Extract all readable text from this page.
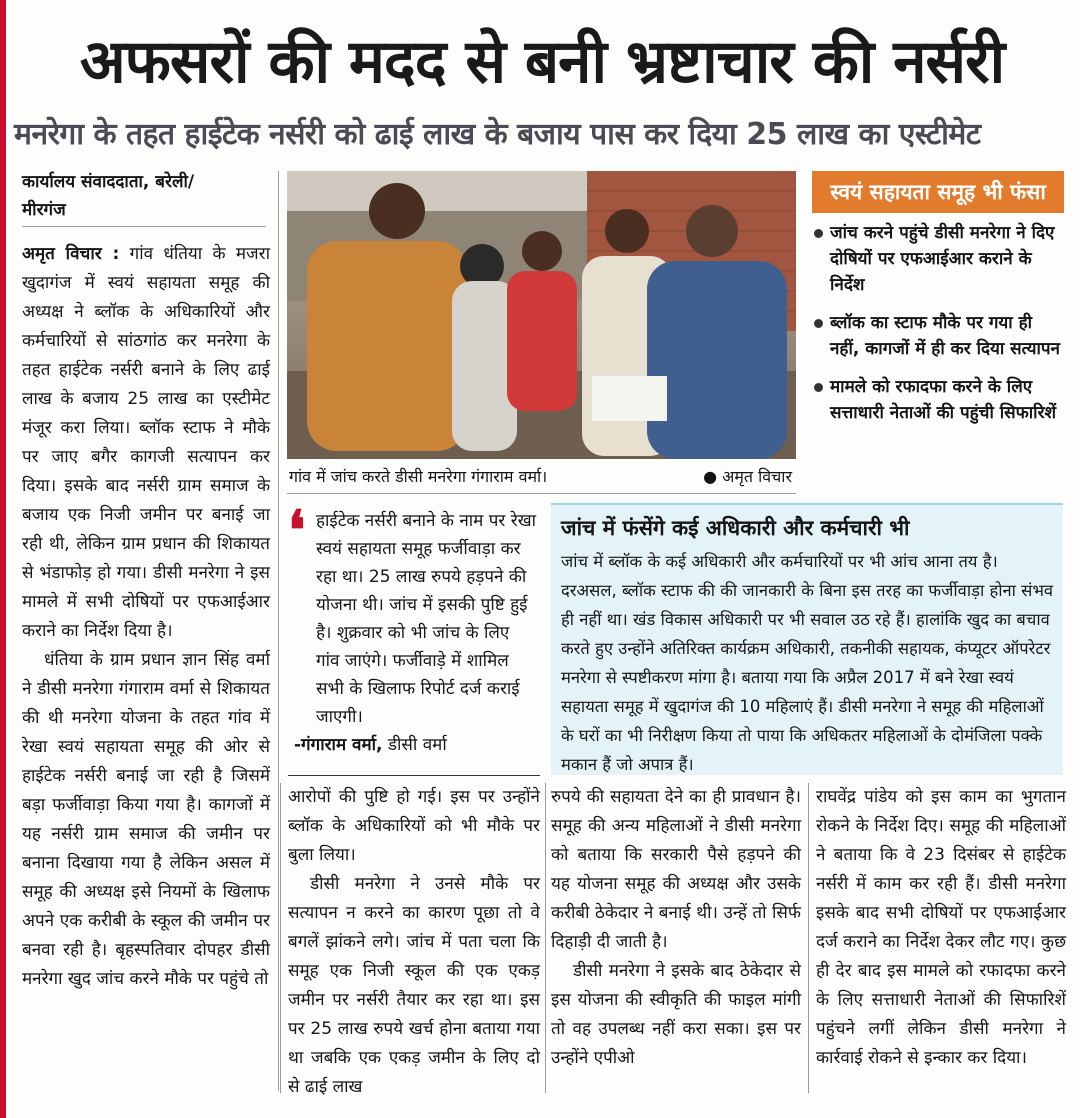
अफसरों की मदद से बनी भ्रष्टाचार की नर्सरी
मनरेगा के तहत हाईटेक नर्सरी को ढाई लाख के बजाय पास कर दिया 25 लाख का एस्टीमेट
कार्यालय संवाददाता, बरेली/
मीरगंज

अमृत विचार : गांव धंतिया के मजरा खुदागंज में स्वयं सहायता समूह की अध्यक्ष ने ब्लॉक के अधिकारियों और कर्मचारियों से सांठगांठ कर मनरेगा के तहत हाईटेक नर्सरी बनाने के लिए ढाई लाख के बजाय 25 लाख का एस्टीमेट मंजूर करा लिया। ब्लॉक स्टाफ ने मौके पर जाए बगैर कागजी सत्यापन कर दिया। इसके बाद नर्सरी ग्राम समाज के बजाय एक निजी जमीन पर बनाई जा रही थी, लेकिन ग्राम प्रधान की शिकायत से भंडाफोड़ हो गया। डीसी मनरेगा ने इस मामले में सभी दोषियों पर एफआईआर कराने का निर्देश दिया है।

धंतिया के ग्राम प्रधान ज्ञान सिंह वर्मा ने डीसी मनरेगा गंगाराम वर्मा से शिकायत की थी मनरेगा योजना के तहत गांव में रेखा स्वयं सहायता समूह की ओर से हाईटेक नर्सरी बनाई जा रही है जिसमें बड़ा फर्जीवाड़ा किया गया है। कागजों में यह नर्सरी ग्राम समाज की जमीन पर बनाना दिखाया गया है लेकिन असल में समूह की अध्यक्ष इसे नियमों के खिलाफ अपने एक करीबी के स्कूल की जमीन पर बनवा रही है। बृहस्पतिवार दोपहर डीसी मनरेगा खुद जांच करने मौके पर पहुंचे तो

गांव में जांच करते डीसी मनरेगा गंगाराम वर्मा।	● अमृत विचार
स्वयं सहायता समूह भी फंसा
जांच करने पहुंचे डीसी मनरेगा ने दिए दोषियों पर एफआईआर कराने के निर्देश
ब्लॉक का स्टाफ मौके पर गया ही नहीं, कागजों में ही कर दिया सत्यापन
मामले को रफादफा करने के लिए सत्ताधारी नेताओं की पहुंची सिफारिशें
❛ हाईटेक नर्सरी बनाने के नाम पर रेखा स्वयं सहायता समूह फर्जीवाड़ा कर रहा था। 25 लाख रुपये हड़पने की योजना थी। जांच में इसकी पुष्टि हुई है। शुक्रवार को भी जांच के लिए गांव जाएंगे। फर्जीवाड़े में शामिल सभी के खिलाफ रिपोर्ट दर्ज कराई जाएगी।
-गंगाराम वर्मा, डीसी वर्मा
जांच में फंसेंगे कई अधिकारी और कर्मचारी भी
जांच में ब्लॉक के कई अधिकारी और कर्मचारियों पर भी आंच आना तय है। दरअसल, ब्लॉक स्टाफ की की जानकारी के बिना इस तरह का फर्जीवाड़ा होना संभव ही नहीं था। खंड विकास अधिकारी पर भी सवाल उठ रहे हैं। हालांकि खुद का बचाव करते हुए उन्होंने अतिरिक्त कार्यक्रम अधिकारी, तकनीकी सहायक, कंप्यूटर ऑपरेटर मनरेगा से स्पष्टीकरण मांगा है। बताया गया कि अप्रैल 2017 में बने रेखा स्वयं सहायता समूह में खुदागंज की 10 महिलाएं हैं। डीसी मनरेगा ने समूह की महिलाओं के घरों का भी निरीक्षण किया तो पाया कि अधिकतर महिलाओं के दोमंजिला पक्के मकान हैं जो अपात्र हैं।

आरोपों की पुष्टि हो गई। इस पर उन्होंने ब्लॉक के अधिकारियों को भी मौके पर बुला लिया।

डीसी मनरेगा ने उनसे मौके पर सत्यापन न करने का कारण पूछा तो वे बगलें झांकने लगे। जांच में पता चला कि समूह एक निजी स्कूल की एक एकड़ जमीन पर नर्सरी तैयार कर रहा था। इस पर 25 लाख रुपये खर्च होना बताया गया था जबकि एक एकड़ जमीन के लिए दो से ढाई लाख

रुपये की सहायता देने का ही प्रावधान है। समूह की अन्य महिलाओं ने डीसी मनरेगा को बताया कि सरकारी पैसे हड़पने की यह योजना समूह की अध्यक्ष और उसके करीबी ठेकेदार ने बनाई थी। उन्हें तो सिर्फ दिहाड़ी दी जाती है।

डीसी मनरेगा ने इसके बाद ठेकेदार से इस योजना की स्वीकृति की फाइल मांगी तो वह उपलब्ध नहीं करा सका। इस पर उन्होंने एपीओ

राघवेंद्र पांडेय को इस काम का भुगतान रोकने के निर्देश दिए। समूह की महिलाओं ने बताया कि वे 23 दिसंबर से हाईटेक नर्सरी में काम कर रही हैं। डीसी मनरेगा इसके बाद सभी दोषियों पर एफआईआर दर्ज कराने का निर्देश देकर लौट गए। कुछ ही देर बाद इस मामले को रफादफा करने के लिए सत्ताधारी नेताओं की सिफारिशें पहुंचने लगीं लेकिन डीसी मनरेगा ने कार्रवाई रोकने से इन्कार कर दिया।
